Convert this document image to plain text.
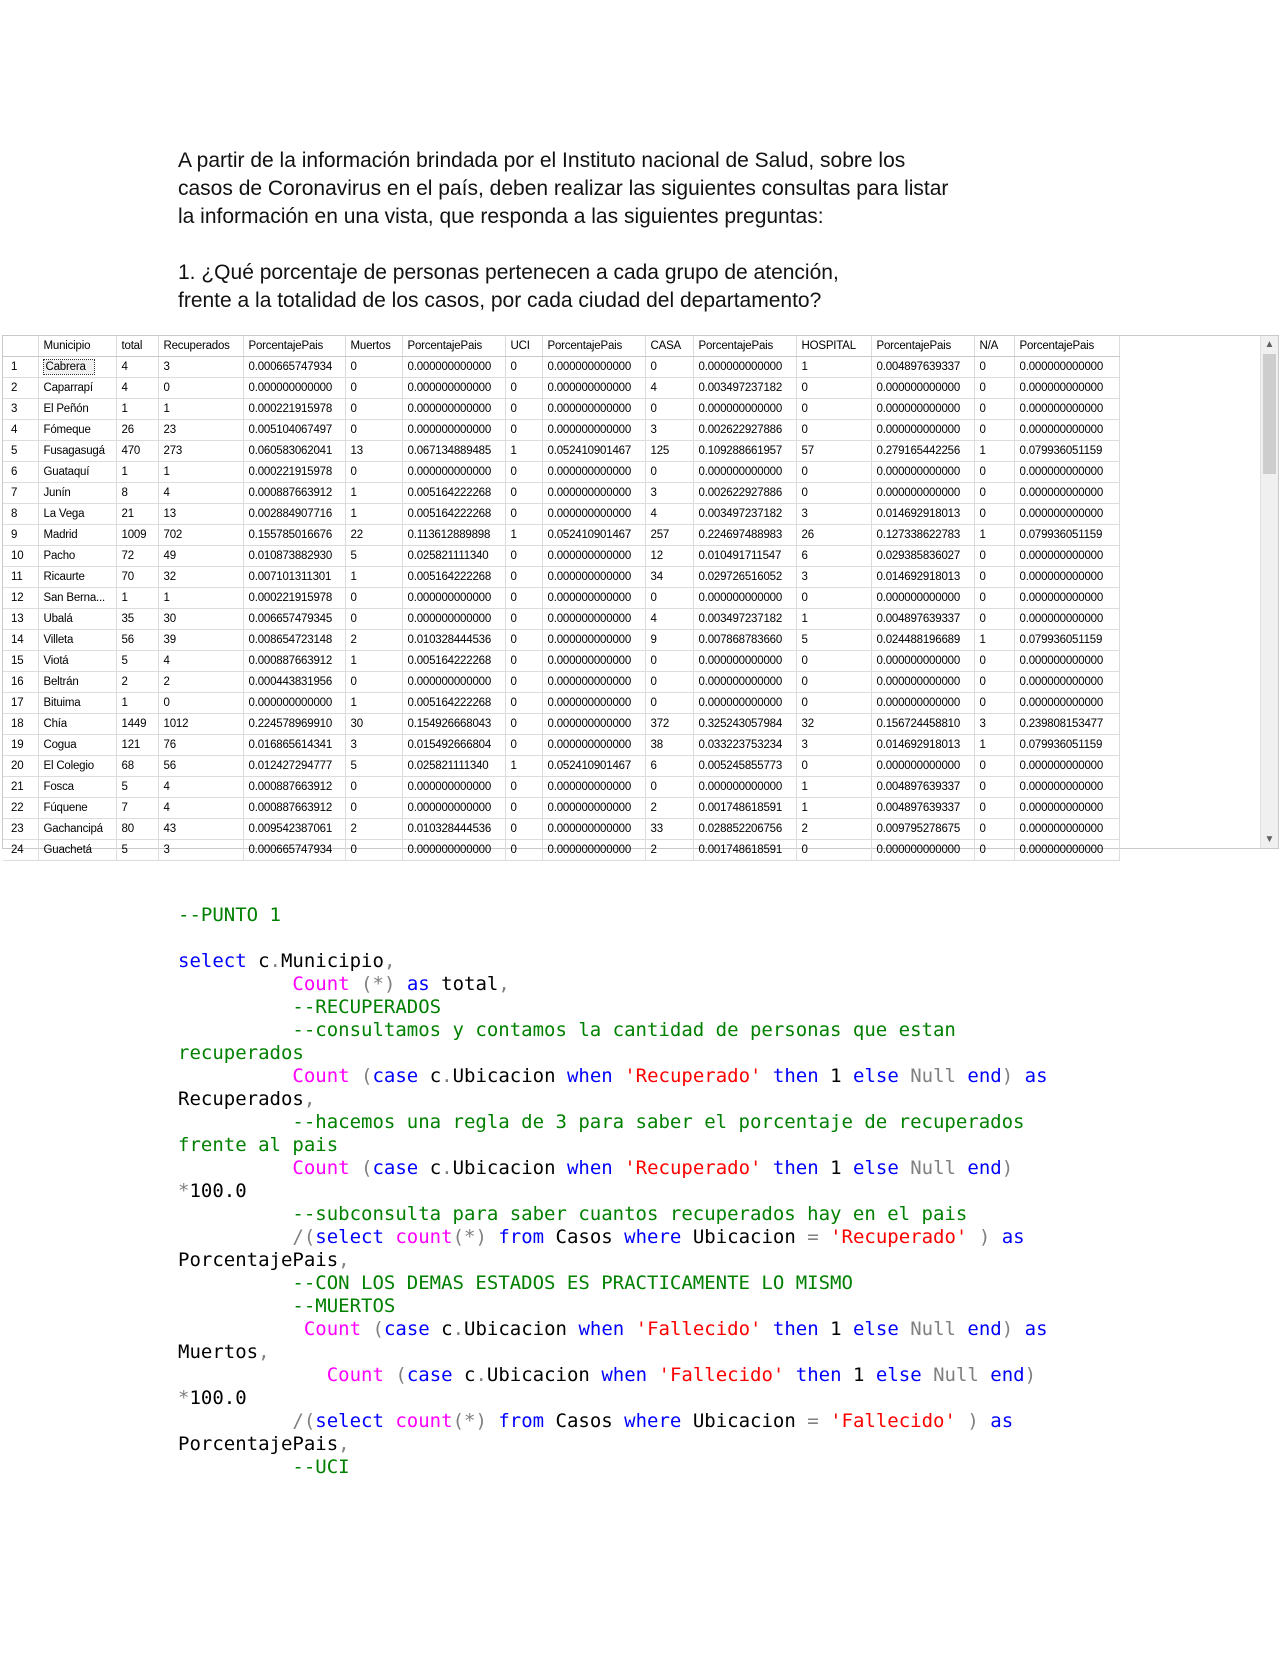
A partir de la información brindada por el Instituto nacional de Salud, sobre los

casos de Coronavirus en el país, deben realizar las siguientes consultas para listar

la información en una vista, que responda a las siguientes preguntas:

1. ¿Qué porcentaje de personas pertenecen a cada grupo de atención,

frente a la totalidad de los casos, por cada ciudad del departamento?

	Municipio	total	Recuperados	PorcentajePais	Muertos	PorcentajePais	UCI	PorcentajePais	CASA	PorcentajePais	HOSPITAL	PorcentajePais	N/A	PorcentajePais
1	Cabrera	4	3	0.000665747934	0	0.000000000000	0	0.000000000000	0	0.000000000000	1	0.004897639337	0	0.000000000000
2	Caparrapí	4	0	0.000000000000	0	0.000000000000	0	0.000000000000	4	0.003497237182	0	0.000000000000	0	0.000000000000
3	El Peñón	1	1	0.000221915978	0	0.000000000000	0	0.000000000000	0	0.000000000000	0	0.000000000000	0	0.000000000000
4	Fómeque	26	23	0.005104067497	0	0.000000000000	0	0.000000000000	3	0.002622927886	0	0.000000000000	0	0.000000000000
5	Fusagasugá	470	273	0.060583062041	13	0.067134889485	1	0.052410901467	125	0.109288661957	57	0.279165442256	1	0.079936051159
6	Guataquí	1	1	0.000221915978	0	0.000000000000	0	0.000000000000	0	0.000000000000	0	0.000000000000	0	0.000000000000
7	Junín	8	4	0.000887663912	1	0.005164222268	0	0.000000000000	3	0.002622927886	0	0.000000000000	0	0.000000000000
8	La Vega	21	13	0.002884907716	1	0.005164222268	0	0.000000000000	4	0.003497237182	3	0.014692918013	0	0.000000000000
9	Madrid	1009	702	0.155785016676	22	0.113612889898	1	0.052410901467	257	0.224697488983	26	0.127338622783	1	0.079936051159
10	Pacho	72	49	0.010873882930	5	0.025821111340	0	0.000000000000	12	0.010491711547	6	0.029385836027	0	0.000000000000
11	Ricaurte	70	32	0.007101311301	1	0.005164222268	0	0.000000000000	34	0.029726516052	3	0.014692918013	0	0.000000000000
12	San Berna...	1	1	0.000221915978	0	0.000000000000	0	0.000000000000	0	0.000000000000	0	0.000000000000	0	0.000000000000
13	Ubalá	35	30	0.006657479345	0	0.000000000000	0	0.000000000000	4	0.003497237182	1	0.004897639337	0	0.000000000000
14	Villeta	56	39	0.008654723148	2	0.010328444536	0	0.000000000000	9	0.007868783660	5	0.024488196689	1	0.079936051159
15	Viotá	5	4	0.000887663912	1	0.005164222268	0	0.000000000000	0	0.000000000000	0	0.000000000000	0	0.000000000000
16	Beltrán	2	2	0.000443831956	0	0.000000000000	0	0.000000000000	0	0.000000000000	0	0.000000000000	0	0.000000000000
17	Bituima	1	0	0.000000000000	1	0.005164222268	0	0.000000000000	0	0.000000000000	0	0.000000000000	0	0.000000000000
18	Chía	1449	1012	0.224578969910	30	0.154926668043	0	0.000000000000	372	0.325243057984	32	0.156724458810	3	0.239808153477
19	Cogua	121	76	0.016865614341	3	0.015492666804	0	0.000000000000	38	0.033223753234	3	0.014692918013	1	0.079936051159
20	El Colegio	68	56	0.012427294777	5	0.025821111340	1	0.052410901467	6	0.005245855773	0	0.000000000000	0	0.000000000000
21	Fosca	5	4	0.000887663912	0	0.000000000000	0	0.000000000000	0	0.000000000000	1	0.004897639337	0	0.000000000000
22	Fúquene	7	4	0.000887663912	0	0.000000000000	0	0.000000000000	2	0.001748618591	1	0.004897639337	0	0.000000000000
23	Gachancipá	80	43	0.009542387061	2	0.010328444536	0	0.000000000000	33	0.028852206756	2	0.009795278675	0	0.000000000000
24	Guachetá	5	3	0.000665747934	0	0.000000000000	0	0.000000000000	2	0.001748618591	0	0.000000000000	0	0.000000000000
▲
▼
--PUNTO 1
select c.Municipio,
Count (*) as total,
--RECUPERADOS
--consultamos y contamos la cantidad de personas que estan
recuperados
Count (case c.Ubicacion when 'Recuperado' then 1 else Null end) as
Recuperados,
--hacemos una regla de 3 para saber el porcentaje de recuperados
frente al pais
Count (case c.Ubicacion when 'Recuperado' then 1 else Null end)
*100.0
--subconsulta para saber cuantos recuperados hay en el pais
/(select count(*) from Casos where Ubicacion = 'Recuperado' ) as
PorcentajePais,
--CON LOS DEMAS ESTADOS ES PRACTICAMENTE LO MISMO
--MUERTOS
Count (case c.Ubicacion when 'Fallecido' then 1 else Null end) as
Muertos,
Count (case c.Ubicacion when 'Fallecido' then 1 else Null end)
*100.0
/(select count(*) from Casos where Ubicacion = 'Fallecido' ) as
PorcentajePais,
--UCI
